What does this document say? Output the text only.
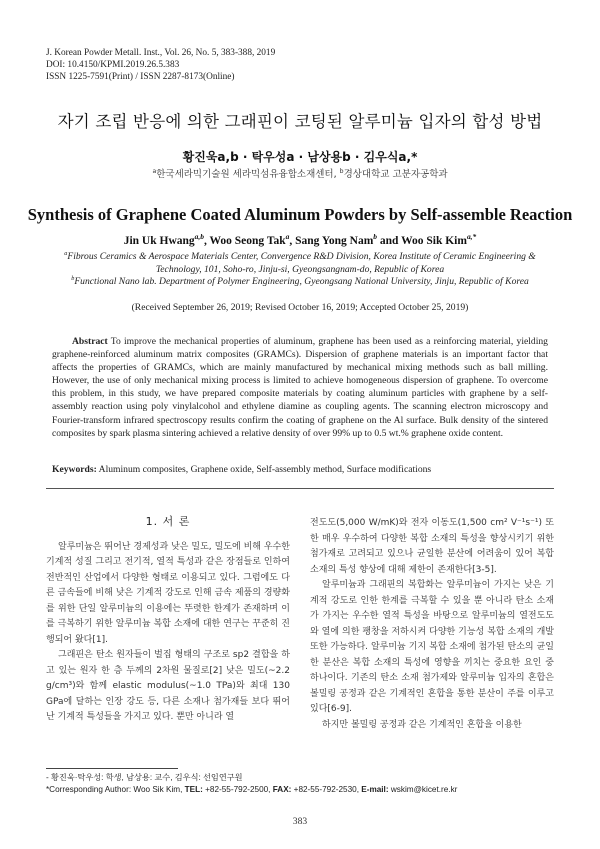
J. Korean Powder Metall. Inst., Vol. 26, No. 5, 383-388, 2019
DOI: 10.4150/KPMI.2019.26.5.383
ISSN 1225-7591(Print) / ISSN 2287-8173(Online)
자기 조립 반응에 의한 그래핀이 코팅된 알루미늄 입자의 합성 방법
황진욱a,b · 탁우성a · 남상용b · 김우식a,*
$^a$한국세라믹기술원 세라믹섬유융합소재센터, $^b$경상대학교 고분자공학과
Synthesis of Graphene Coated Aluminum Powders by Self-assemble Reaction
Jin Uk Hwang$^{a,b}$, Woo Seong Tak$^a$, Sang Yong Nam$^b$ and Woo Sik Kim$^{a,*}$
$^a$Fibrous Ceramics & Aerospace Materials Center, Convergence R&D Division, Korea Institute of Ceramic Engineering & Technology, 101, Soho-ro, Jinju-si, Gyeongsangnam-do, Republic of Korea
$^b$Functional Nano lab. Department of Polymer Engineering, Gyeongsang National University, Jinju, Republic of Korea
(Received September 26, 2019; Revised October 16, 2019; Accepted October 25, 2019)
Abstract To improve the mechanical properties of aluminum, graphene has been used as a reinforcing material, yielding graphene-reinforced aluminum matrix composites (GRAMCs). Dispersion of graphene materials is an important factor that affects the properties of GRAMCs, which are mainly manufactured by mechanical mixing methods such as ball milling. However, the use of only mechanical mixing process is limited to achieve homogeneous dispersion of graphene. To overcome this problem, in this study, we have prepared composite materials by coating aluminum particles with graphene by a self-assembly reaction using poly vinylalcohol and ethylene diamine as coupling agents. The scanning electron microscopy and Fourier-transform infrared spectroscopy results confirm the coating of graphene on the Al surface. Bulk density of the sintered composites by spark plasma sintering achieved a relative density of over 99% up to 0.5 wt.% graphene oxide content.
Keywords: Aluminum composites, Graphene oxide, Self-assembly method, Surface modifications
1. 서 론

알루미늄은 뛰어난 경제성과 낮은 밀도, 밀도에 비해 우수한 기계적 성질 그리고 전기적, 열적 특성과 같은 장점들로 인하여 전반적인 산업에서 다양한 형태로 이용되고 있다. 그럼에도 다른 금속들에 비해 낮은 기계적 강도로 인해 금속 제품의 경량화를 위한 단일 알루미늄의 이용에는 뚜렷한 한계가 존재하며 이를 극복하기 위한 알루미늄 복합 소재에 대한 연구는 꾸준히 진행되어 왔다[1].

그래핀은 탄소 원자들이 벌집 형태의 구조로 sp2 결합을 하고 있는 원자 한 층 두께의 2차원 물질로[2] 낮은 밀도(~2.2 g/cm³)와 함께 elastic modulus(~1.0 TPa)와 최대 130 GPa에 달하는 인장 강도 등, 다른 소재나 첨가재들 보다 뛰어난 기계적 특성들을 가지고 있다. 뿐만 아니라 열

전도도(5,000 W/mK)와 전자 이동도(1,500 cm² V⁻¹s⁻¹) 또한 매우 우수하여 다양한 복합 소재의 특성을 향상시키기 위한 첨가재로 고려되고 있으나 균일한 분산에 어려움이 있어 복합 소재의 특성 향상에 대해 제한이 존재한다[3-5].

알루미늄과 그래핀의 복합화는 알루미늄이 가지는 낮은 기계적 강도로 인한 한계를 극복할 수 있을 뿐 아니라 탄소 소재가 가지는 우수한 열적 특성을 바탕으로 알루미늄의 열전도도와 열에 의한 팽창을 저하시켜 다양한 기능성 복합 소재의 개발 또한 가능하다. 알루미늄 기지 복합 소재에 첨가된 탄소의 균일한 분산은 복합 소재의 특성에 영향을 끼치는 중요한 요인 중 하나이다. 기존의 탄소 소재 첨가제와 알루미늄 입자의 혼합은 볼밀링 공정과 같은 기계적인 혼합을 통한 분산이 주를 이루고 있다[6-9].

하지만 볼밀링 공정과 같은 기계적인 혼합을 이용한

- 황진욱·탁우성: 학생, 남상용: 교수, 김우식: 선임연구원
*Corresponding Author: Woo Sik Kim, TEL: +82-55-792-2500, FAX: +82-55-792-2530, E-mail: wskim@kicet.re.kr
383
